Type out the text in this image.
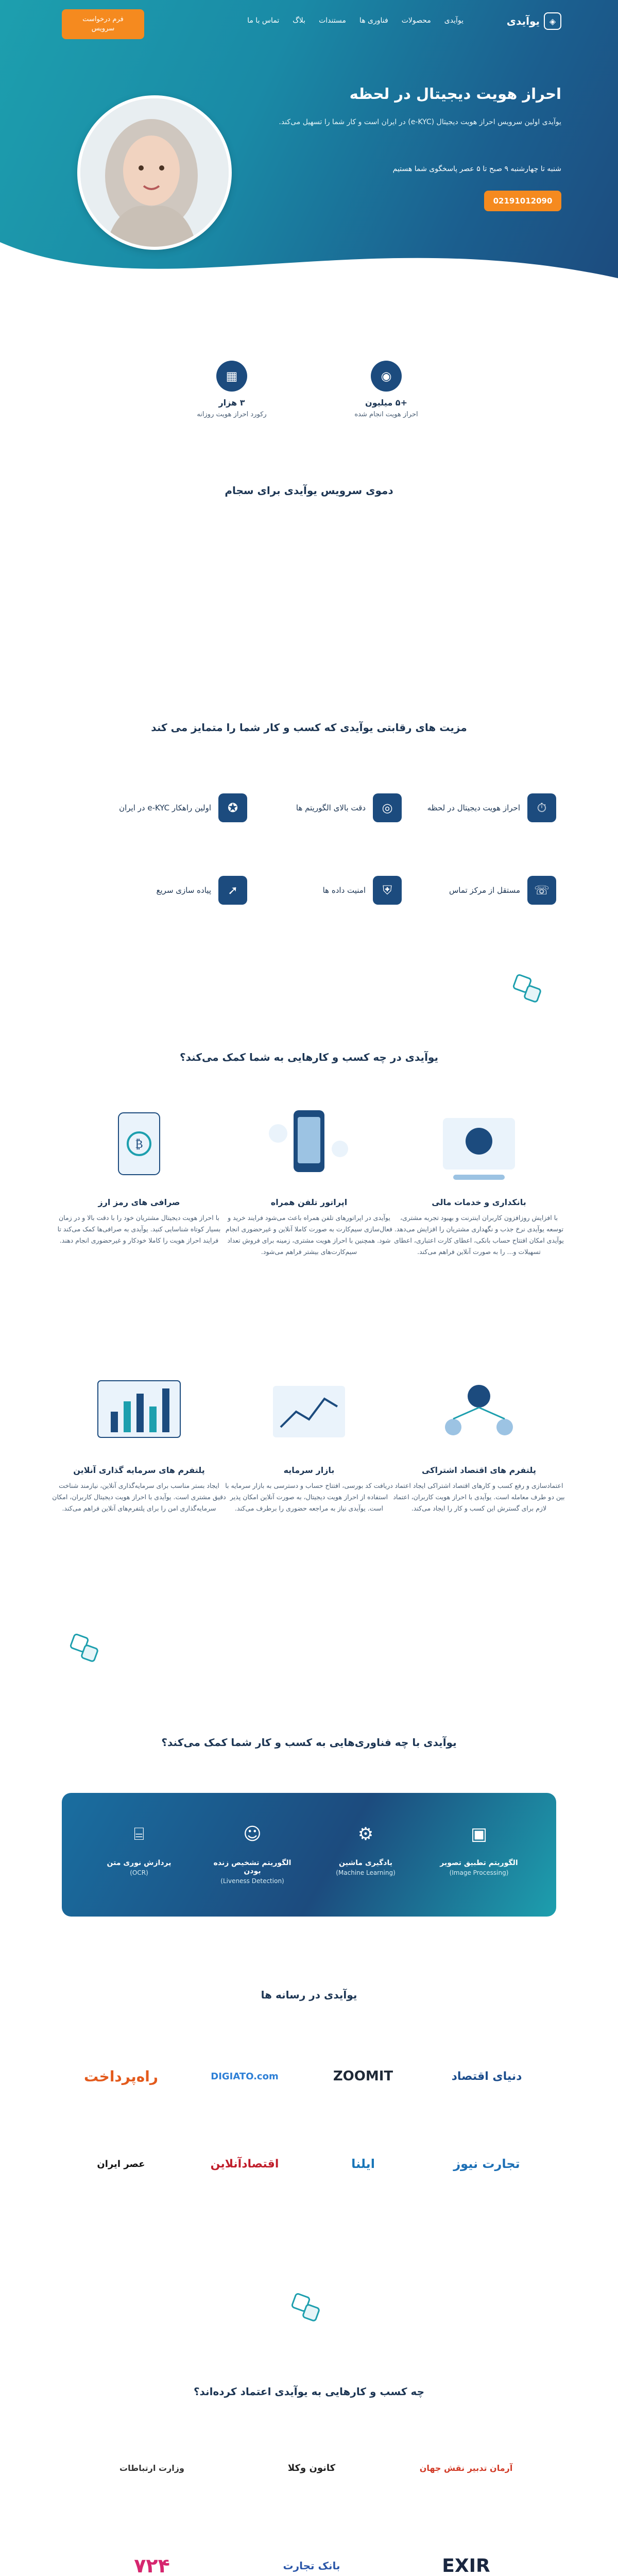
◈
یوآیدی
یوآیدی
محصولات
فناوری ها
مستندات
بلاگ
تماس با ما
فرم درخواست
سرویس
احراز هویت دیجیتال در لحظه
یوآیدی اولین سرویس احراز هویت دیجیتال (e-KYC) در ایران است و کار شما را تسهیل می‌کند.
شنبه تا چهارشنبه ۹ صبح تا ۵ عصر پاسخگوی شما هستیم
02191012090
◉
+۵ میلیون
احراز هویت انجام شده
▦
۳ هزار
رکورد احراز هویت روزانه
دموی سرویس یوآیدی برای سجام
مزیت های رقابتی یوآیدی که کسب و کار شما را متمایز می کند
⏱
احراز هویت دیجیتال در لحظه
◎
دقت بالای الگوریتم ها
✪
اولین راهکار e-KYC در ایران
☏
مستقل از مرکز تماس
⛨
امنیت داده ها
➚
پیاده سازی سریع
یوآیدی در چه کسب و کارهایی به شما کمک می‌کند؟
بانکداری و خدمات مالی

با افزایش روزافزون کاربران اینترنت و بهبود تجربه مشتری، توسعه یوآیدی نرخ جذب و نگهداری مشتریان را افزایش می‌دهد. یوآیدی امکان افتتاح حساب بانکی، اعطای کارت اعتباری، اعطای تسهیلات و... را به صورت آنلاین فراهم می‌کند.

اپراتور تلفن همراه

یوآیدی در اپراتورهای تلفن همراه باعث می‌شود فرایند خرید و فعال‌سازی سیم‌کارت به صورت کاملا آنلاین و غیرحضوری انجام شود. همچنین با احراز هویت مشتری، زمینه برای فروش تعداد سیم‌کارت‌های بیشتر فراهم می‌شود.

₿
صرافی های رمز ارز

با احراز هویت دیجیتال مشتریان خود را با دقت بالا و در زمان بسیار کوتاه شناسایی کنید. یوآیدی به صرافی‌ها کمک می‌کند تا فرایند احراز هویت را کاملا خودکار و غیرحضوری انجام دهند.

پلتفرم های اقتصاد اشتراکی

اعتمادسازی و رفع کسب و کارهای اقتصاد اشتراکی ایجاد اعتماد بین دو طرف معامله است. یوآیدی با احراز هویت کاربران، اعتماد لازم برای گسترش این کسب و کار را ایجاد می‌کند.

بازار سرمایه

دریافت کد بورسی، افتتاح حساب و دسترسی به بازار سرمایه با استفاده از احراز هویت دیجیتال، به صورت آنلاین امکان پذیر است. یوآیدی نیاز به مراجعه حضوری را برطرف می‌کند.

پلتفرم های سرمایه گذاری آنلاین

ایجاد بستر مناسب برای سرمایه‌گذاری آنلاین، نیازمند شناخت دقیق مشتری است. یوآیدی با احراز هویت دیجیتال کاربران، امکان سرمایه‌گذاری امن را برای پلتفرم‌های آنلاین فراهم می‌کند.

یوآیدی با چه فناوری‌هایی به کسب و کار شما کمک می‌کند؟
▣
الگوریتم تطبیق تصویر
(Image Processing)
⚙
یادگیری ماشین
(Machine Learning)
☺
الگوریتم تشخیص زنده بودن
(Liveness Detection)
⌸
پردازش نوری متن
(OCR)
یوآیدی در رسانه ها
دنیای اقتصاد
ZOOMIT
DIGIATO.com
راه‌پرداخت
تجارت نیوز
ایلنا
اقتصادآنلاین
عصر ایران
چه کسب و کارهایی به یوآیدی اعتماد کرده‌اند؟
آرمان تدبیر نقش جهان
کانون وکلا
وزارت ارتباطات
EXIR
بانک تجارت
۷۲۴
